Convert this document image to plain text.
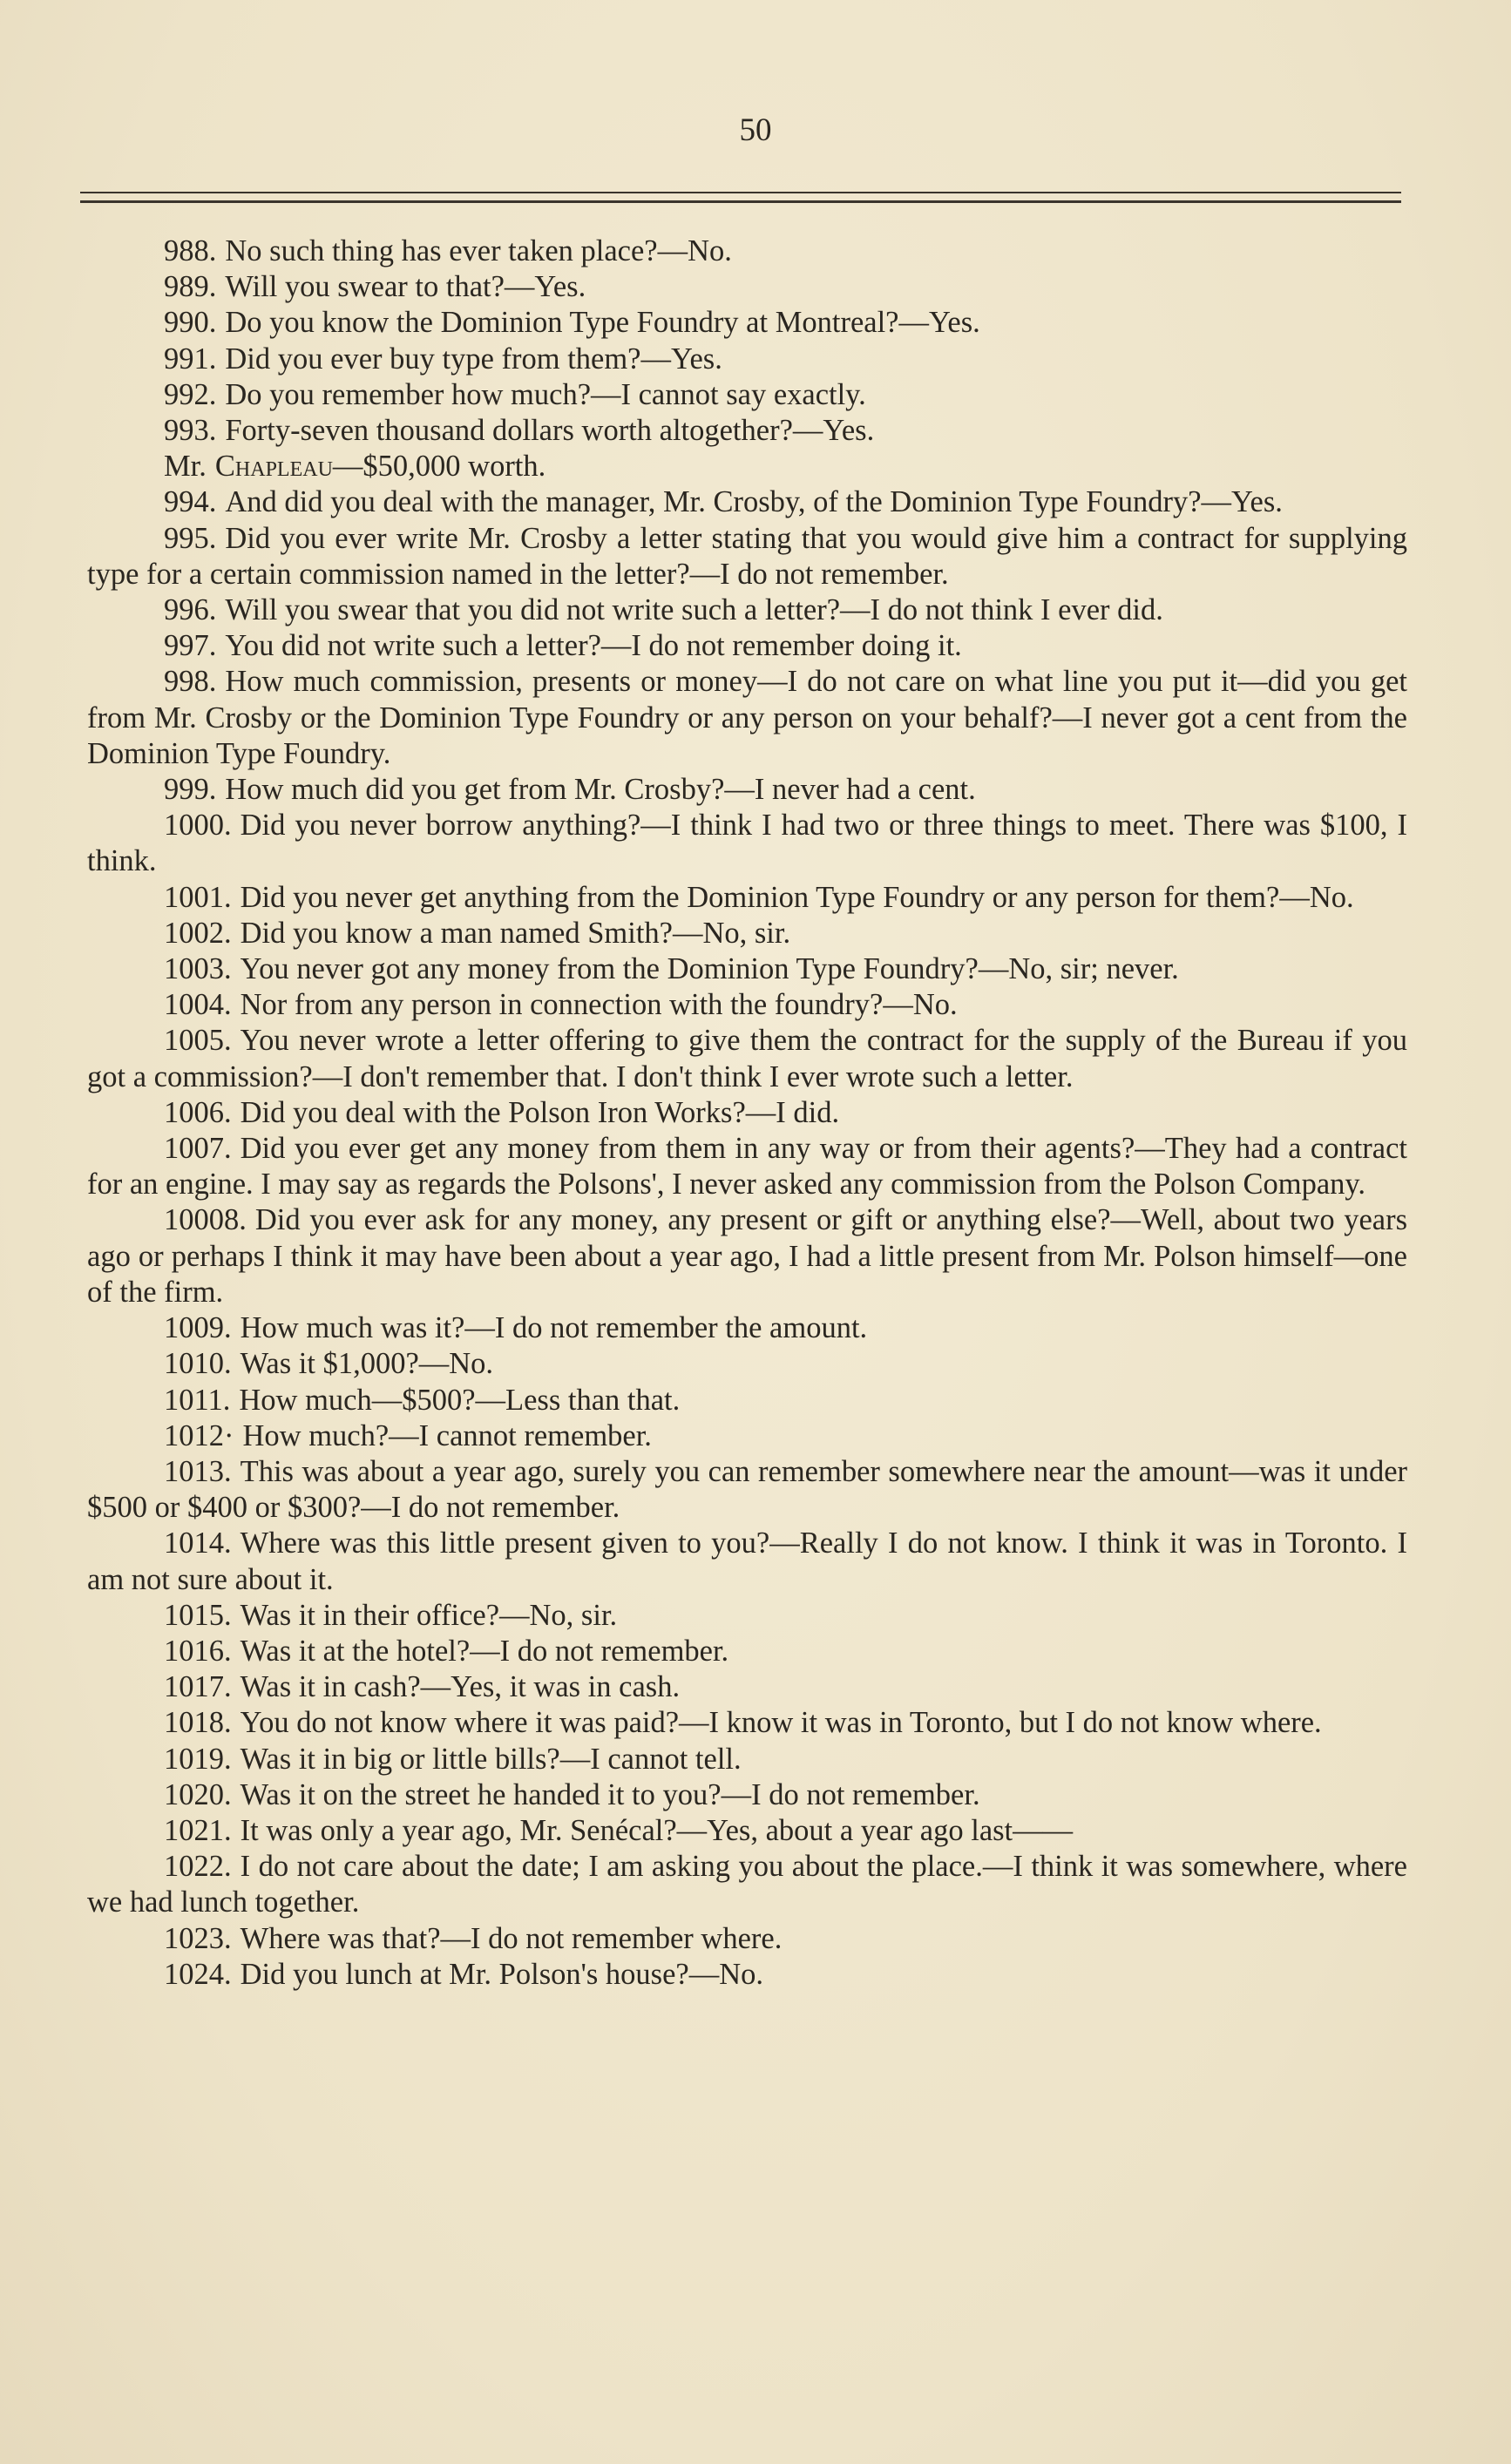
50

988. No such thing has ever taken place?—No.

989. Will you swear to that?—Yes.

990. Do you know the Dominion Type Foundry at Montreal?—Yes.

991. Did you ever buy type from them?—Yes.

992. Do you remember how much?—I cannot say exactly.

993. Forty-seven thousand dollars worth altogether?—Yes.

Mr. Chapleau—$50,000 worth.

994. And did you deal with the manager, Mr. Crosby, of the Dominion Type Foundry?—Yes.

995. Did you ever write Mr. Crosby a letter stating that you would give him a contract for supplying type for a certain commission named in the letter?—I do not remember.

996. Will you swear that you did not write such a letter?—I do not think I ever did.

997. You did not write such a letter?—I do not remember doing it.

998. How much commission, presents or money—I do not care on what line you put it—did you get from Mr. Crosby or the Dominion Type Foundry or any person on your behalf?—I never got a cent from the Dominion Type Foundry.

999. How much did you get from Mr. Crosby?—I never had a cent.

1000. Did you never borrow anything?—I think I had two or three things to meet. There was $100, I think.

1001. Did you never get anything from the Dominion Type Foundry or any person for them?—No.

1002. Did you know a man named Smith?—No, sir.

1003. You never got any money from the Dominion Type Foundry?—No, sir; never.

1004. Nor from any person in connection with the foundry?—No.

1005. You never wrote a letter offering to give them the contract for the supply of the Bureau if you got a commission?—I don't remember that. I don't think I ever wrote such a letter.

1006. Did you deal with the Polson Iron Works?—I did.

1007. Did you ever get any money from them in any way or from their agents?—They had a contract for an engine. I may say as regards the Polsons', I never asked any commission from the Polson Company.

10008. Did you ever ask for any money, any present or gift or anything else?—Well, about two years ago or perhaps I think it may have been about a year ago, I had a little present from Mr. Polson himself—one of the firm.

1009. How much was it?—I do not remember the amount.

1010. Was it $1,000?—No.

1011. How much—$500?—Less than that.

1012· How much?—I cannot remember.

1013. This was about a year ago, surely you can remember somewhere near the amount—was it under $500 or $400 or $300?—I do not remember.

1014. Where was this little present given to you?—Really I do not know. I think it was in Toronto. I am not sure about it.

1015. Was it in their office?—No, sir.

1016. Was it at the hotel?—I do not remember.

1017. Was it in cash?—Yes, it was in cash.

1018. You do not know where it was paid?—I know it was in Toronto, but I do not know where.

1019. Was it in big or little bills?—I cannot tell.

1020. Was it on the street he handed it to you?—I do not remember.

1021. It was only a year ago, Mr. Senécal?—Yes, about a year ago last——

1022. I do not care about the date; I am asking you about the place.—I think it was somewhere, where we had lunch together.

1023. Where was that?—I do not remember where.

1024. Did you lunch at Mr. Polson's house?—No.
